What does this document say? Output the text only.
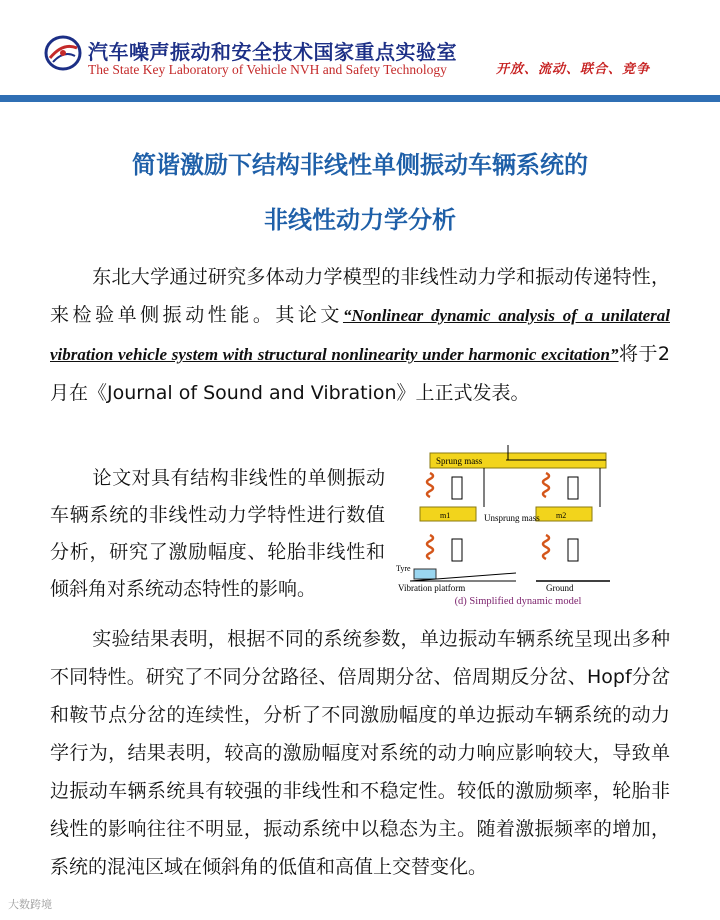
汽车噪声振动和安全技术国家重点实验室
The State Key Laboratory of Vehicle NVH and Safety Technology	开放、流动、联合、竞争
简谐激励下结构非线性单侧振动车辆系统的
非线性动力学分析
东北大学通过研究多体动力学模型的非线性动力学和振动传递特性，来检验单侧振动性能。其论文“Nonlinear dynamic analysis of a unilateral vibration vehicle system with structural nonlinearity under harmonic excitation”将于2月在《Journal of Sound and Vibration》上正式发表。
论文对具有结构非线性的单侧振动车辆系统的非线性动力学特性进行数值分析，研究了激励幅度、轮胎非线性和倾斜角对系统动态特性的影响。
Sprung mass
m1	m2
Unsprung mass
Tyre
Vibration platform	Ground
(d) Simplified dynamic model
实验结果表明，根据不同的系统参数，单边振动车辆系统呈现出多种不同特性。研究了不同分岔路径、倍周期分岔、倍周期反分岔、Hopf分岔和鞍节点分岔的连续性，分析了不同激励幅度的单边振动车辆系统的动力学行为，结果表明，较高的激励幅度对系统的动力响应影响较大，导致单边振动车辆系统具有较强的非线性和不稳定性。较低的激励频率，轮胎非线性的影响往往不明显，振动系统中以稳态为主。随着激振频率的增加，系统的混沌区域在倾斜角的低值和高值上交替变化。
大数跨境
